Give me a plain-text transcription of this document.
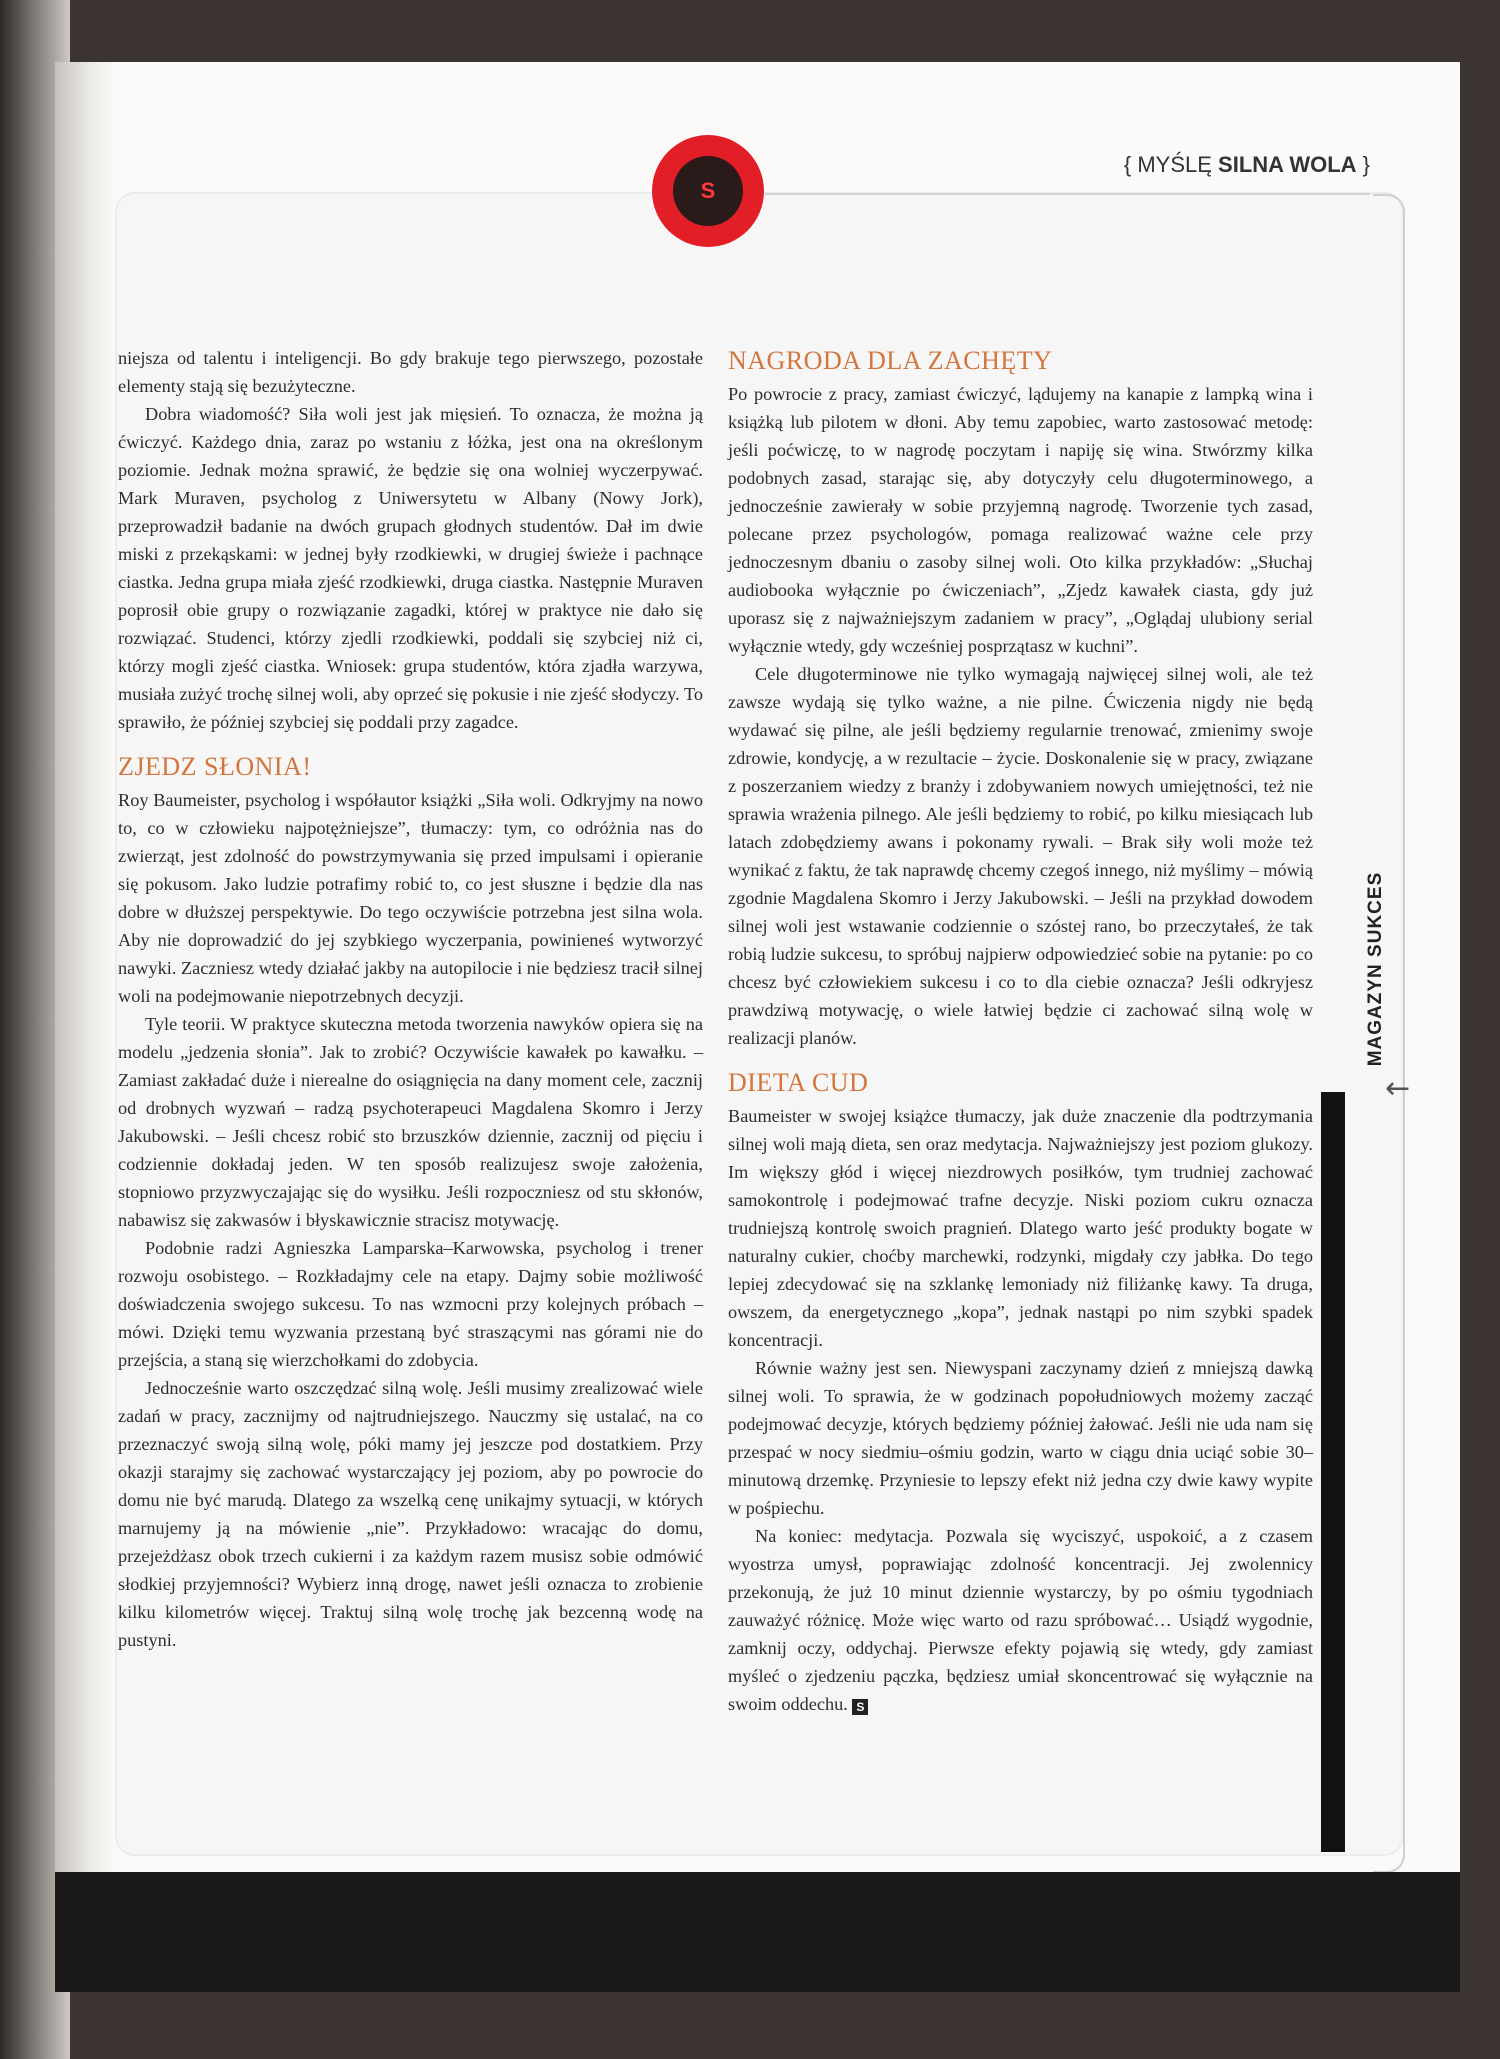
S
{ MYŚLĘ SILNA WOLA }
MAGAZYN SUKCES
←

niejsza od talentu i inteligencji. Bo gdy brakuje tego pierwszego, pozostałe elementy stają się bezużyteczne.

Dobra wiadomość? Siła woli jest jak mięsień. To oznacza, że można ją ćwiczyć. Każdego dnia, zaraz po wstaniu z łóżka, jest ona na określonym poziomie. Jednak można sprawić, że będzie się ona wolniej wyczerpywać. Mark Muraven, psycholog z Uniwersytetu w Albany (Nowy Jork), przeprowadził badanie na dwóch grupach głodnych studentów. Dał im dwie miski z przekąskami: w jednej były rzodkiewki, w drugiej świeże i pachnące ciastka. Jedna grupa miała zjeść rzodkiewki, druga ciastka. Następnie Muraven poprosił obie grupy o rozwiązanie zagadki, której w praktyce nie dało się rozwiązać. Studenci, którzy zjedli rzodkiewki, poddali się szybciej niż ci, którzy mogli zjeść ciastka. Wniosek: grupa studentów, która zjadła warzywa, musiała zużyć trochę silnej woli, aby oprzeć się pokusie i nie zjeść słodyczy. To sprawiło, że później szybciej się poddali przy zagadce.

ZJEDZ SŁONIA!

Roy Baumeister, psycholog i współautor książki „Siła woli. Odkryjmy na nowo to, co w człowieku najpotężniejsze”, tłumaczy: tym, co odróżnia nas do zwierząt, jest zdolność do powstrzymywania się przed impulsami i opieranie się pokusom. Jako ludzie potrafimy robić to, co jest słuszne i będzie dla nas dobre w dłuższej perspektywie. Do tego oczywiście potrzebna jest silna wola. Aby nie doprowadzić do jej szybkiego wyczerpania, powinieneś wytworzyć nawyki. Zaczniesz wtedy działać jakby na autopilocie i nie będziesz tracił silnej woli na podejmowanie niepotrzebnych decyzji.

Tyle teorii. W praktyce skuteczna metoda tworzenia nawyków opiera się na modelu „jedzenia słonia”. Jak to zrobić? Oczywiście kawałek po kawałku. – Zamiast zakładać duże i nierealne do osiągnięcia na dany moment cele, zacznij od drobnych wyzwań – radzą psychoterapeuci Magdalena Skomro i Jerzy Jakubowski. – Jeśli chcesz robić sto brzuszków dziennie, zacznij od pięciu i codziennie dokładaj jeden. W ten sposób realizujesz swoje założenia, stopniowo przyzwyczajając się do wysiłku. Jeśli rozpoczniesz od stu skłonów, nabawisz się zakwasów i błyskawicznie stracisz motywację.

Podobnie radzi Agnieszka Lamparska–Karwowska, psycholog i trener rozwoju osobistego. – Rozkładajmy cele na etapy. Dajmy sobie możliwość doświadczenia swojego sukcesu. To nas wzmocni przy kolejnych próbach – mówi. Dzięki temu wyzwania przestaną być straszącymi nas górami nie do przejścia, a staną się wierzchołkami do zdobycia.

Jednocześnie warto oszczędzać silną wolę. Jeśli musimy zrealizować wiele zadań w pracy, zacznijmy od najtrudniejszego. Nauczmy się ustalać, na co przeznaczyć swoją silną wolę, póki mamy jej jeszcze pod dostatkiem. Przy okazji starajmy się zachować wystarczający jej poziom, aby po powrocie do domu nie być marudą. Dlatego za wszelką cenę unikajmy sytuacji, w których marnujemy ją na mówienie „nie”. Przykładowo: wracając do domu, przejeżdżasz obok trzech cukierni i za każdym razem musisz sobie odmówić słodkiej przyjemności? Wybierz inną drogę, nawet jeśli oznacza to zrobienie kilku kilometrów więcej. Traktuj silną wolę trochę jak bezcenną wodę na pustyni.

NAGRODA DLA ZACHĘTY

Po powrocie z pracy, zamiast ćwiczyć, lądujemy na kanapie z lampką wina i książką lub pilotem w dłoni. Aby temu zapobiec, warto zastosować metodę: jeśli poćwiczę, to w nagrodę poczytam i napiję się wina. Stwórzmy kilka podobnych zasad, starając się, aby dotyczyły celu długoterminowego, a jednocześnie zawierały w sobie przyjemną nagrodę. Tworzenie tych zasad, polecane przez psychologów, pomaga realizować ważne cele przy jednoczesnym dbaniu o zasoby silnej woli. Oto kilka przykładów: „Słuchaj audiobooka wyłącznie po ćwiczeniach”, „Zjedz kawałek ciasta, gdy już uporasz się z najważniejszym zadaniem w pracy”, „Oglądaj ulubiony serial wyłącznie wtedy, gdy wcześniej posprzątasz w kuchni”.

Cele długoterminowe nie tylko wymagają najwięcej silnej woli, ale też zawsze wydają się tylko ważne, a nie pilne. Ćwiczenia nigdy nie będą wydawać się pilne, ale jeśli będziemy regularnie trenować, zmienimy swoje zdrowie, kondycję, a w rezultacie – życie. Doskonalenie się w pracy, związane z poszerzaniem wiedzy z branży i zdobywaniem nowych umiejętności, też nie sprawia wrażenia pilnego. Ale jeśli będziemy to robić, po kilku miesiącach lub latach zdobędziemy awans i pokonamy rywali. – Brak siły woli może też wynikać z faktu, że tak naprawdę chcemy czegoś innego, niż myślimy – mówią zgodnie Magdalena Skomro i Jerzy Jakubowski. – Jeśli na przykład dowodem silnej woli jest wstawanie codziennie o szóstej rano, bo przeczytałeś, że tak robią ludzie sukcesu, to spróbuj najpierw odpowiedzieć sobie na pytanie: po co chcesz być człowiekiem sukcesu i co to dla ciebie oznacza? Jeśli odkryjesz prawdziwą motywację, o wiele łatwiej będzie ci zachować silną wolę w realizacji planów.

DIETA CUD

Baumeister w swojej książce tłumaczy, jak duże znaczenie dla podtrzymania silnej woli mają dieta, sen oraz medytacja. Najważniejszy jest poziom glukozy. Im większy głód i więcej niezdrowych posiłków, tym trudniej zachować samokontrolę i podejmować trafne decyzje. Niski poziom cukru oznacza trudniejszą kontrolę swoich pragnień. Dlatego warto jeść produkty bogate w naturalny cukier, choćby marchewki, rodzynki, migdały czy jabłka. Do tego lepiej zdecydować się na szklankę lemoniady niż filiżankę kawy. Ta druga, owszem, da energetycznego „kopa”, jednak nastąpi po nim szybki spadek koncentracji.

Równie ważny jest sen. Niewyspani zaczynamy dzień z mniejszą dawką silnej woli. To sprawia, że w godzinach popołudniowych możemy zacząć podejmować decyzje, których będziemy później żałować. Jeśli nie uda nam się przespać w nocy siedmiu–ośmiu godzin, warto w ciągu dnia uciąć sobie 30–minutową drzemkę. Przyniesie to lepszy efekt niż jedna czy dwie kawy wypite w pośpiechu.

Na koniec: medytacja. Pozwala się wyciszyć, uspokoić, a z czasem wyostrza umysł, poprawiając zdolność koncentracji. Jej zwolennicy przekonują, że już 10 minut dziennie wystarczy, by po ośmiu tygodniach zauważyć różnicę. Może więc warto od razu spróbować… Usiądź wygodnie, zamknij oczy, oddychaj. Pierwsze efekty pojawią się wtedy, gdy zamiast myśleć o zjedzeniu pączka, będziesz umiał skoncentrować się wyłącznie na swoim oddechu. S
